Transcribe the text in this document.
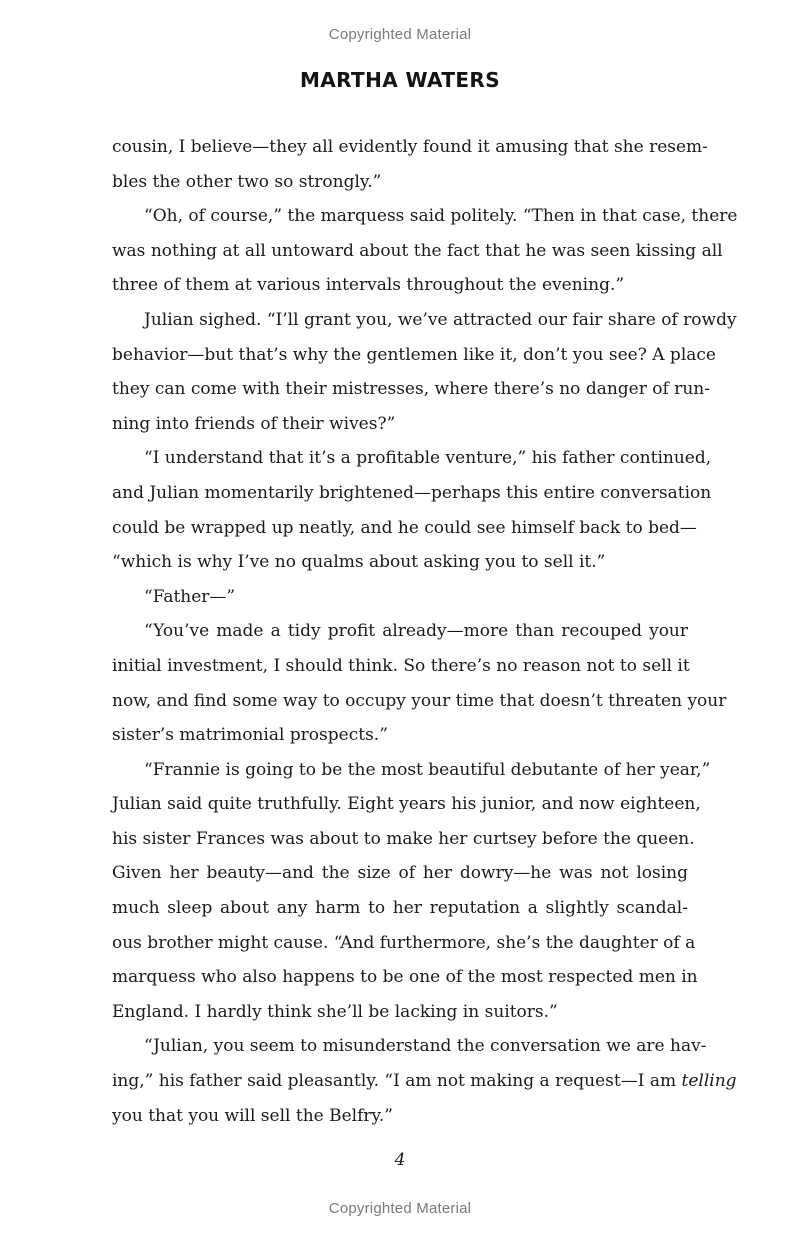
Copyrighted Material
MARTHA WATERS
cousin, I believe—they all evidently found it amusing that she resem-
bles the other two so strongly.”
“Oh, of course,” the marquess said politely. “Then in that case, there
was nothing at all untoward about the fact that he was seen kissing all
three of them at various intervals throughout the evening.”
Julian sighed. “I’ll grant you, we’ve attracted our fair share of rowdy
behavior—but that’s why the gentlemen like it, don’t you see? A place
they can come with their mistresses, where there’s no danger of run-
ning into friends of their wives?”
“I understand that it’s a profitable venture,” his father continued,
and Julian momentarily brightened—perhaps this entire conversation
could be wrapped up neatly, and he could see himself back to bed—
“which is why I’ve no qualms about asking you to sell it.”
“Father—”
“You’ve made a tidy profit already—more than recouped your
initial investment, I should think. So there’s no reason not to sell it
now, and find some way to occupy your time that doesn’t threaten your
sister’s matrimonial prospects.”
“Frannie is going to be the most beautiful debutante of her year,”
Julian said quite truthfully. Eight years his junior, and now eighteen,
his sister Frances was about to make her curtsey before the queen.
Given her beauty—and the size of her dowry—he was not losing
much sleep about any harm to her reputation a slightly scandal-
ous brother might cause. “And furthermore, she’s the daughter of a
marquess who also happens to be one of the most respected men in
England. I hardly think she’ll be lacking in suitors.”
“Julian, you seem to misunderstand the conversation we are hav-
ing,” his father said pleasantly. “I am not making a request—I am telling
you that you will sell the Belfry.”
4
Copyrighted Material
